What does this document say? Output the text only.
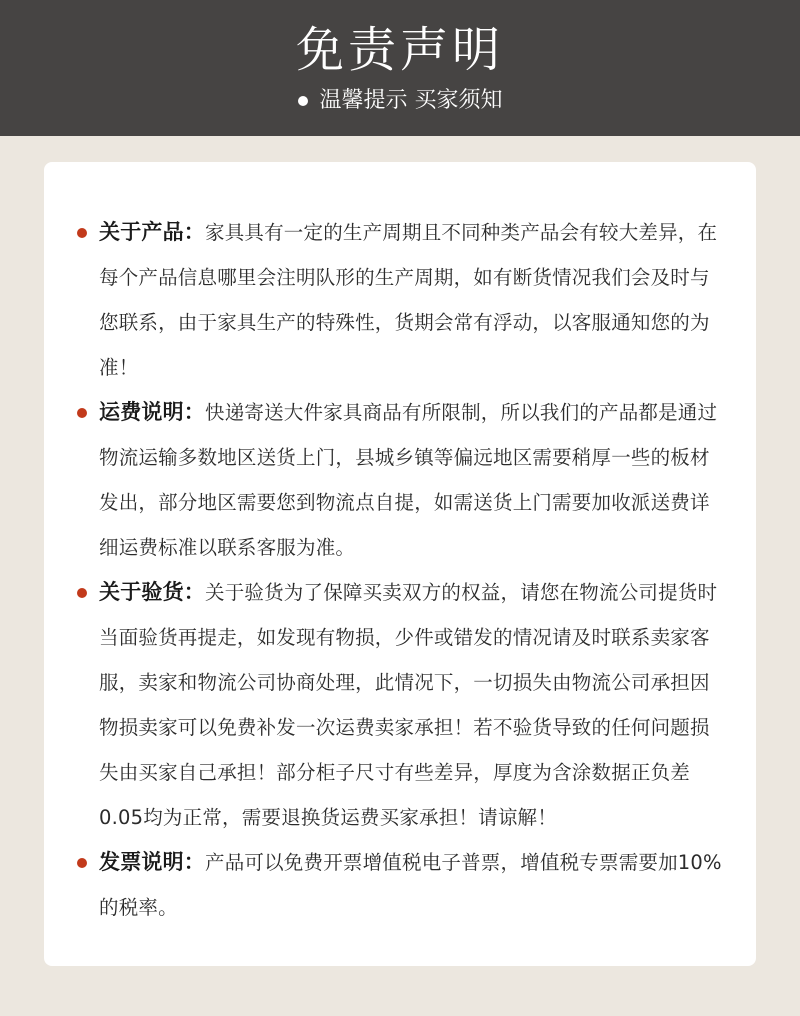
免责声明
温馨提示 买家须知
关于产品：家具具有一定的生产周期且不同种类产品会有较大差异，在每个产品信息哪里会注明队形的生产周期，如有断货情况我们会及时与您联系，由于家具生产的特殊性，货期会常有浮动，以客服通知您的为准！
运费说明：快递寄送大件家具商品有所限制，所以我们的产品都是通过物流运输多数地区送货上门，县城乡镇等偏远地区需要稍厚一些的板材发出，部分地区需要您到物流点自提，如需送货上门需要加收派送费详细运费标准以联系客服为准。
关于验货：关于验货为了保障买卖双方的权益，请您在物流公司提货时当面验货再提走，如发现有物损，少件或错发的情况请及时联系卖家客服，卖家和物流公司协商处理，此情况下，一切损失由物流公司承担因物损卖家可以免费补发一次运费卖家承担！若不验货导致的任何问题损失由买家自己承担！部分柜子尺寸有些差异，厚度为含涂数据正负差0.05均为正常，需要退换货运费买家承担！请谅解！
发票说明：产品可以免费开票增值税电子普票，增值税专票需要加10%的税率。
